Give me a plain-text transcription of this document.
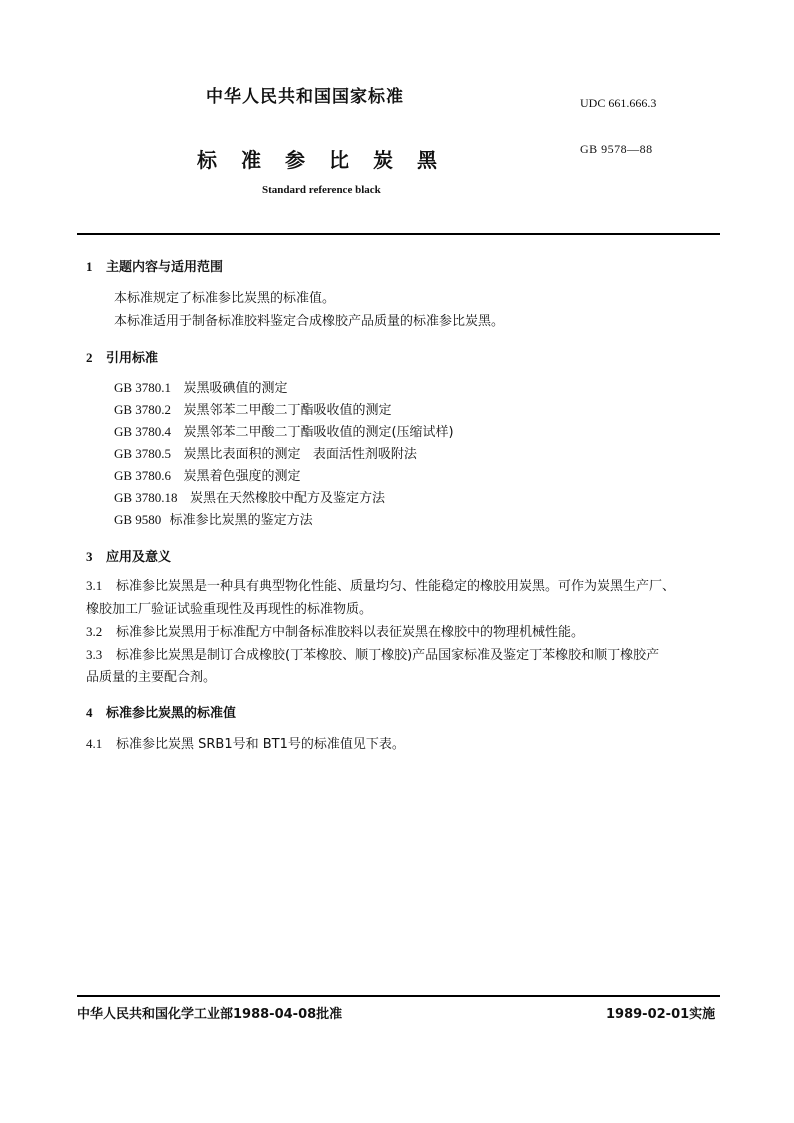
中华人民共和国国家标准	UDC 661.666.3
标准参比炭黑	GB 9578—88
Standard reference black
1 主题内容与适用范围
本标准规定了标准参比炭黑的标准值。
本标准适用于制备标准胶料鉴定合成橡胶产品质量的标准参比炭黑。
2 引用标准
GB 3780.1 炭黑吸碘值的测定
GB 3780.2 炭黑邻苯二甲酸二丁酯吸收值的测定
GB 3780.4 炭黑邻苯二甲酸二丁酯吸收值的测定(压缩试样)
GB 3780.5 炭黑比表面积的测定   表面活性剂吸附法
GB 3780.6 炭黑着色强度的测定
GB 3780.18 炭黑在天然橡胶中配方及鉴定方法
GB 9580 标准参比炭黑的鉴定方法
3 应用及意义
3.1 标准参比炭黑是一种具有典型物化性能、质量均匀、性能稳定的橡胶用炭黑。可作为炭黑生产厂、
橡胶加工厂验证试验重现性及再现性的标准物质。
3.2 标准参比炭黑用于标准配方中制备标准胶料以表征炭黑在橡胶中的物理机械性能。
3.3 标准参比炭黑是制订合成橡胶(丁苯橡胶、顺丁橡胶)产品国家标准及鉴定丁苯橡胶和顺丁橡胶产
品质量的主要配合剂。
4 标准参比炭黑的标准值
4.1 标准参比炭黑 SRB1号和 BT1号的标准值见下表。
中华人民共和国化学工业部1988-04-08批准	1989-02-01实施
